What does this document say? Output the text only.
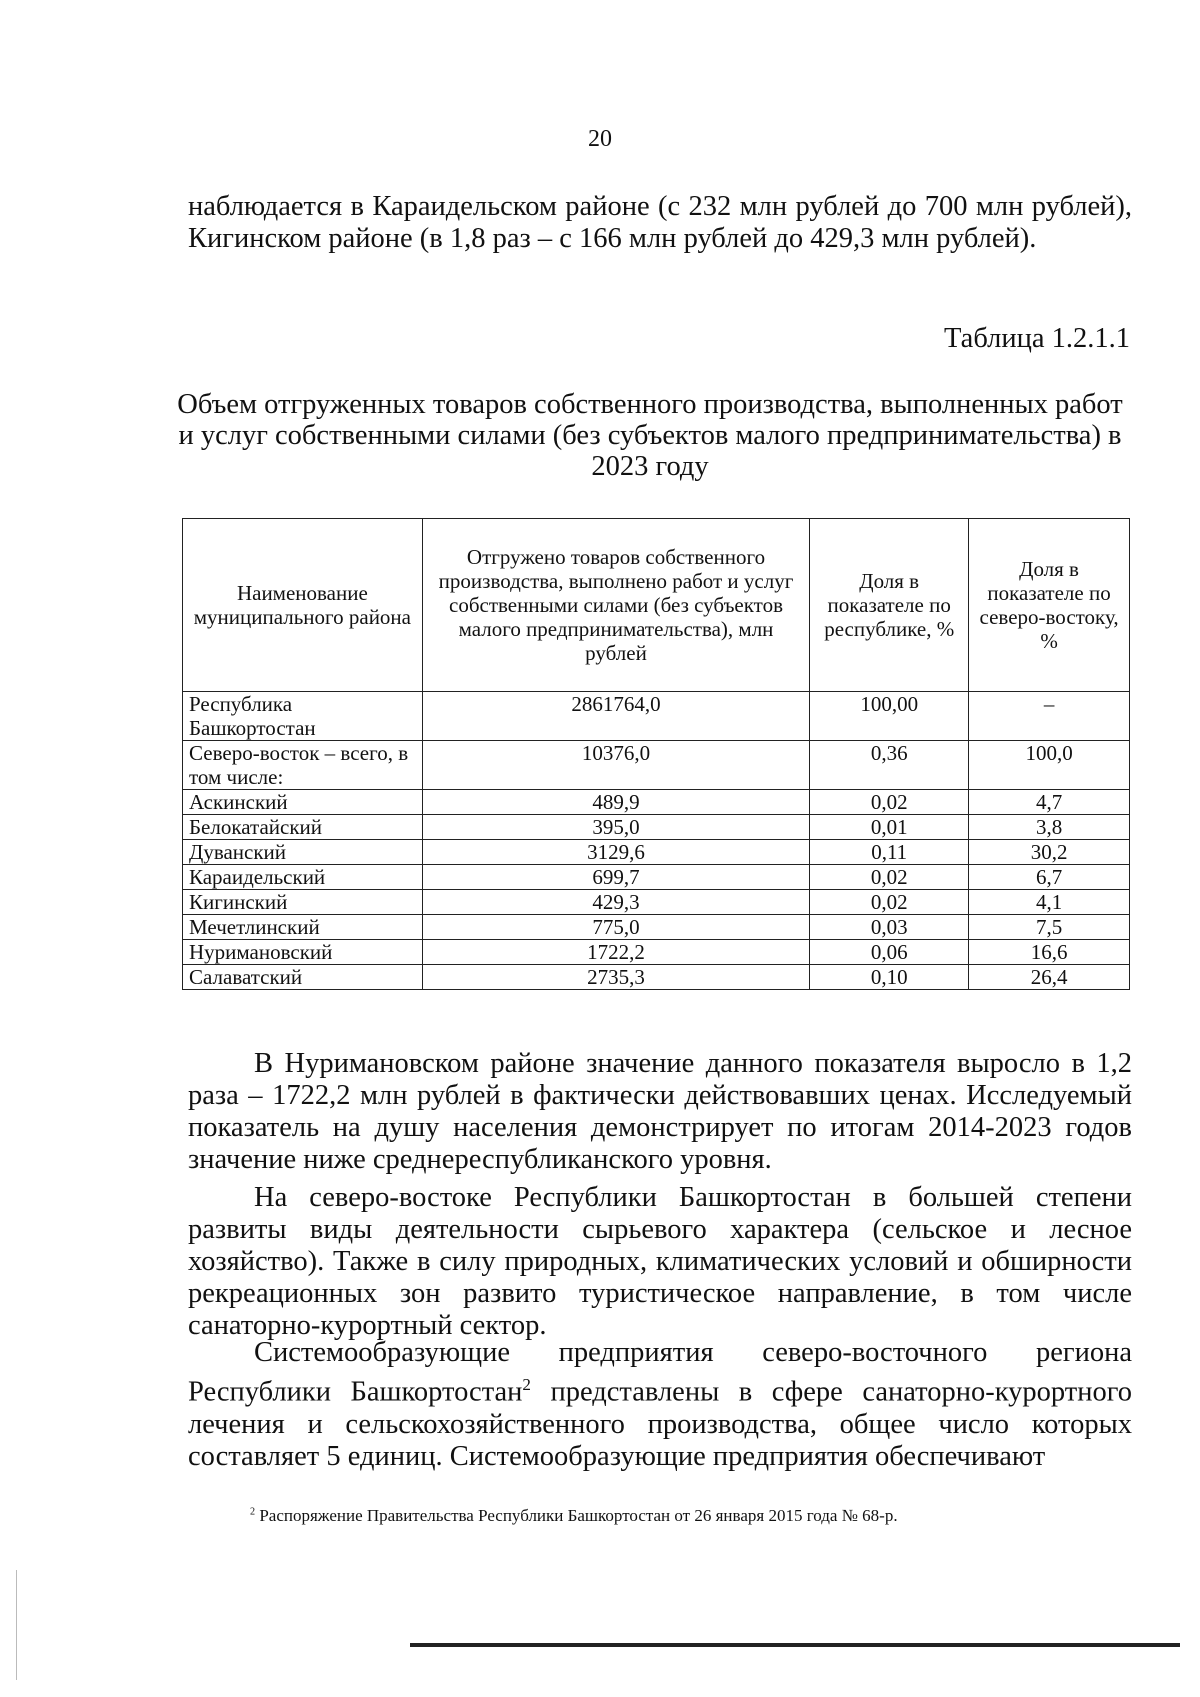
20

наблюдается в Караидельском районе (с 232 млн рублей до 700 млн рублей), Кигинском районе (в 1,8 раз – с 166 млн рублей до 429,3 млн рублей).

Таблица 1.2.1.1

Объем отгруженных товаров собственного производства, выполненных работ и услуг собственными силами (без субъектов малого предпринимательства) в 2023 году

Наименование муниципального района	Отгружено товаров собственного производства, выполнено работ и услуг собственными силами (без субъектов малого предпринимательства), млн рублей	Доля в показателе по республике, %	Доля в показателе по северо-востоку, %
Республика Башкортостан	2861764,0	100,00	–
Северо-восток – всего, в том числе:	10376,0	0,36	100,0
Аскинский	489,9	0,02	4,7
Белокатайский	395,0	0,01	3,8
Дуванский	3129,6	0,11	30,2
Караидельский	699,7	0,02	6,7
Кигинский	429,3	0,02	4,1
Мечетлинский	775,0	0,03	7,5
Нуримановский	1722,2	0,06	16,6
Салаватский	2735,3	0,10	26,4

В Нуримановском районе значение данного показателя выросло в 1,2 раза – 1722,2 млн рублей в фактически действовавших ценах. Исследуемый показатель на душу населения демонстрирует по итогам 2014-2023 годов значение ниже среднереспубликанского уровня.

На северо-востоке Республики Башкортостан в большей степени развиты виды деятельности сырьевого характера (сельское и лесное хозяйство). Также в силу природных, климатических условий и обширности рекреационных зон развито туристическое направление, в том числе санаторно-курортный сектор.

Системообразующие предприятия северо-восточного региона Республики Башкортостан$^2$ представлены в сфере санаторно-курортного лечения и сельскохозяйственного производства, общее число которых составляет 5 единиц. Системообразующие предприятия обеспечивают

$^2$ Распоряжение Правительства Республики Башкортостан от 26 января 2015 года № 68-р.
